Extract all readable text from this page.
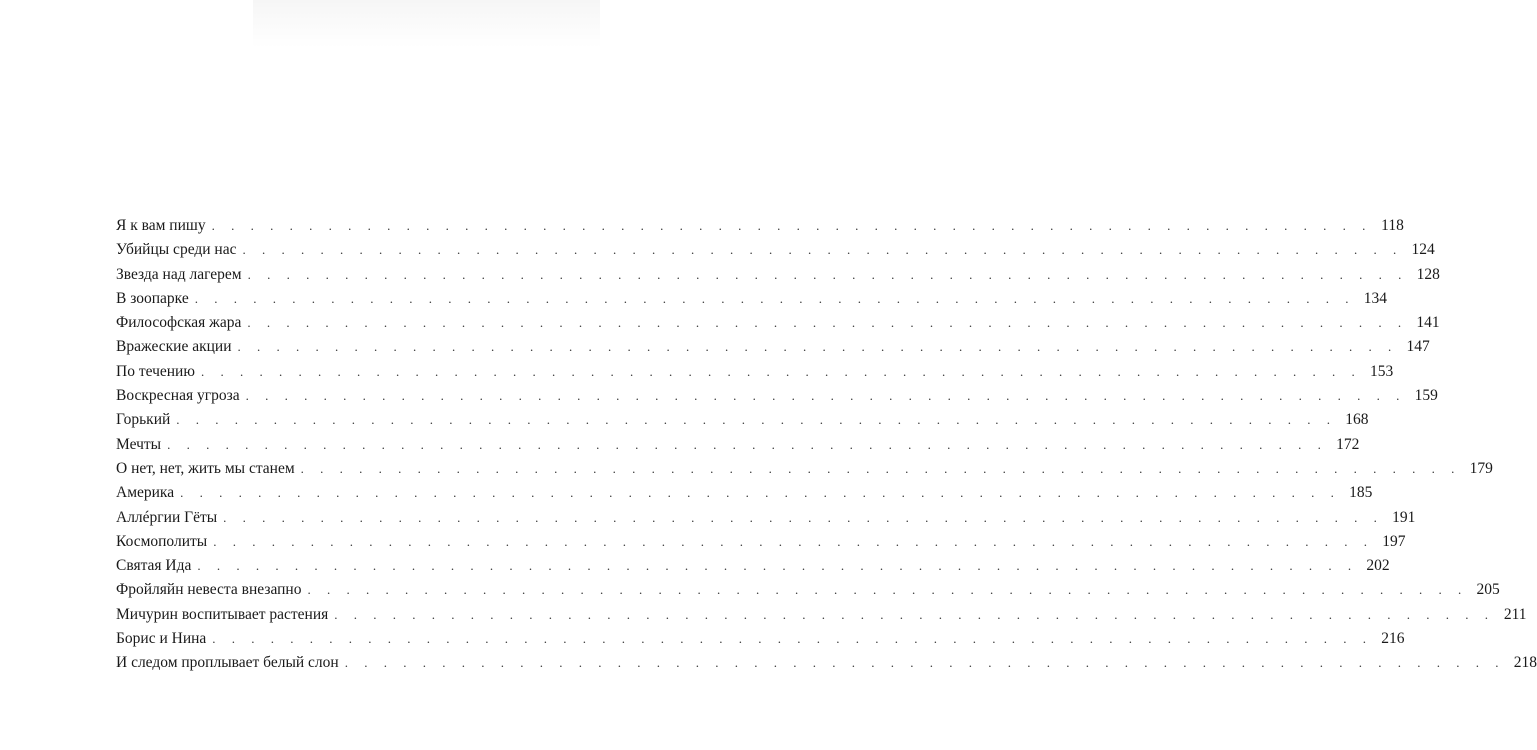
Я к вам пишу . . . . . . . . . . . . . . . . . . . . . . . . . . . . . . . . . . . . . . . . . . . . . . . . . . . . . . . . . . . . 118
Убийцы среди нас . . . . . . . . . . . . . . . . . . . . . . . . . . . . . . . . . . . . . . . . . . . . . . . . . . . . . . . . . . . . 124
Звезда над лагерем . . . . . . . . . . . . . . . . . . . . . . . . . . . . . . . . . . . . . . . . . . . . . . . . . . . . . . . . . . . . 128
В зоопарке . . . . . . . . . . . . . . . . . . . . . . . . . . . . . . . . . . . . . . . . . . . . . . . . . . . . . . . . . . . . 134
Философская жара . . . . . . . . . . . . . . . . . . . . . . . . . . . . . . . . . . . . . . . . . . . . . . . . . . . . . . . . . . . . 141
Вражеские акции . . . . . . . . . . . . . . . . . . . . . . . . . . . . . . . . . . . . . . . . . . . . . . . . . . . . . . . . . . . . 147
По течению . . . . . . . . . . . . . . . . . . . . . . . . . . . . . . . . . . . . . . . . . . . . . . . . . . . . . . . . . . . . 153
Воскресная угроза . . . . . . . . . . . . . . . . . . . . . . . . . . . . . . . . . . . . . . . . . . . . . . . . . . . . . . . . . . . . 159
Горький . . . . . . . . . . . . . . . . . . . . . . . . . . . . . . . . . . . . . . . . . . . . . . . . . . . . . . . . . . . . 168
Мечты . . . . . . . . . . . . . . . . . . . . . . . . . . . . . . . . . . . . . . . . . . . . . . . . . . . . . . . . . . . . 172
О нет, нет, жить мы станем . . . . . . . . . . . . . . . . . . . . . . . . . . . . . . . . . . . . . . . . . . . . . . . . . . . . . . . . . . . . 179
Америка . . . . . . . . . . . . . . . . . . . . . . . . . . . . . . . . . . . . . . . . . . . . . . . . . . . . . . . . . . . . 185
Аллéргии Гёты . . . . . . . . . . . . . . . . . . . . . . . . . . . . . . . . . . . . . . . . . . . . . . . . . . . . . . . . . . . . 191
Космополиты . . . . . . . . . . . . . . . . . . . . . . . . . . . . . . . . . . . . . . . . . . . . . . . . . . . . . . . . . . . . 197
Святая Ида . . . . . . . . . . . . . . . . . . . . . . . . . . . . . . . . . . . . . . . . . . . . . . . . . . . . . . . . . . . . 202
Фройляйн невеста внезапно . . . . . . . . . . . . . . . . . . . . . . . . . . . . . . . . . . . . . . . . . . . . . . . . . . . . . . . . . . . . 205
Мичурин воспитывает растения . . . . . . . . . . . . . . . . . . . . . . . . . . . . . . . . . . . . . . . . . . . . . . . . . . . . . . . . . . . . 211
Борис и Нина . . . . . . . . . . . . . . . . . . . . . . . . . . . . . . . . . . . . . . . . . . . . . . . . . . . . . . . . . . . . 216
И следом проплывает белый слон . . . . . . . . . . . . . . . . . . . . . . . . . . . . . . . . . . . . . . . . . . . . . . . . . . . . . . . . . . . . 218
